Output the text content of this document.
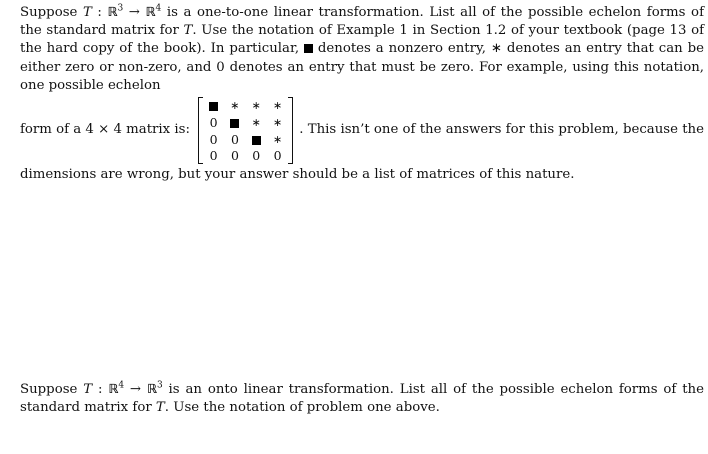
Suppose T : ℝ$^3$ → ℝ$^4$ is a one-to-one linear transformation. List all of the possible echelon forms of the standard matrix for T. Use the notation of Example 1 in Section 1.2 of your textbook (page 13 of the hard copy of the book). In particular,  denotes a nonzero entry, ∗ denotes an entry that can be either zero or non-zero, and 0 denotes an entry that must be zero. For example, using this notation, one possible echelon

form of a 4 × 4 matrix is:
	∗	∗	∗
0		∗	∗
0	0		∗
0	0	0	0
. This isn’t one of the answers for this problem, because the

dimensions are wrong, but your answer should be a list of matrices of this nature.

Suppose T : ℝ$^4$ → ℝ$^3$ is an onto linear transformation. List all of the possible echelon forms of the standard matrix for T. Use the notation of problem one above.
